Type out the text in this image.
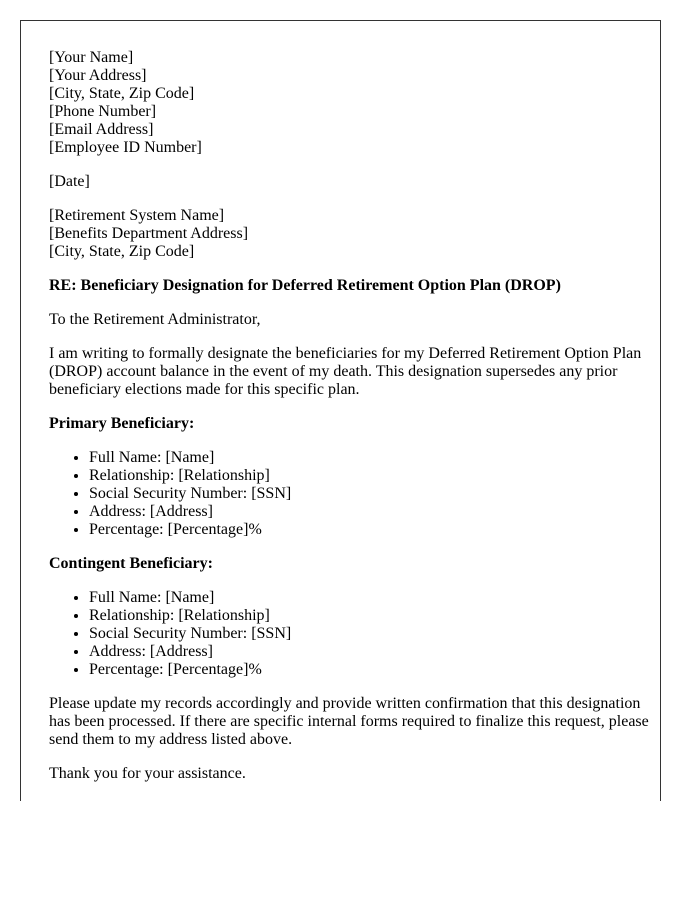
[Your Name]
[Your Address]
[City, State, Zip Code]
[Phone Number]
[Email Address]
[Employee ID Number]

[Date]

[Retirement System Name]
[Benefits Department Address]
[City, State, Zip Code]

RE: Beneficiary Designation for Deferred Retirement Option Plan (DROP)

To the Retirement Administrator,

I am writing to formally designate the beneficiaries for my Deferred Retirement Option Plan (DROP) account balance in the event of my death. This designation supersedes any prior beneficiary elections made for this specific plan.

Primary Beneficiary:
• Full Name: [Name]
• Relationship: [Relationship]
• Social Security Number: [SSN]
• Address: [Address]
• Percentage: [Percentage]%
Contingent Beneficiary:
• Full Name: [Name]
• Relationship: [Relationship]
• Social Security Number: [SSN]
• Address: [Address]
• Percentage: [Percentage]%

Please update my records accordingly and provide written confirmation that this designation has been processed. If there are specific internal forms required to finalize this request, please send them to my address listed above.

Thank you for your assistance.
